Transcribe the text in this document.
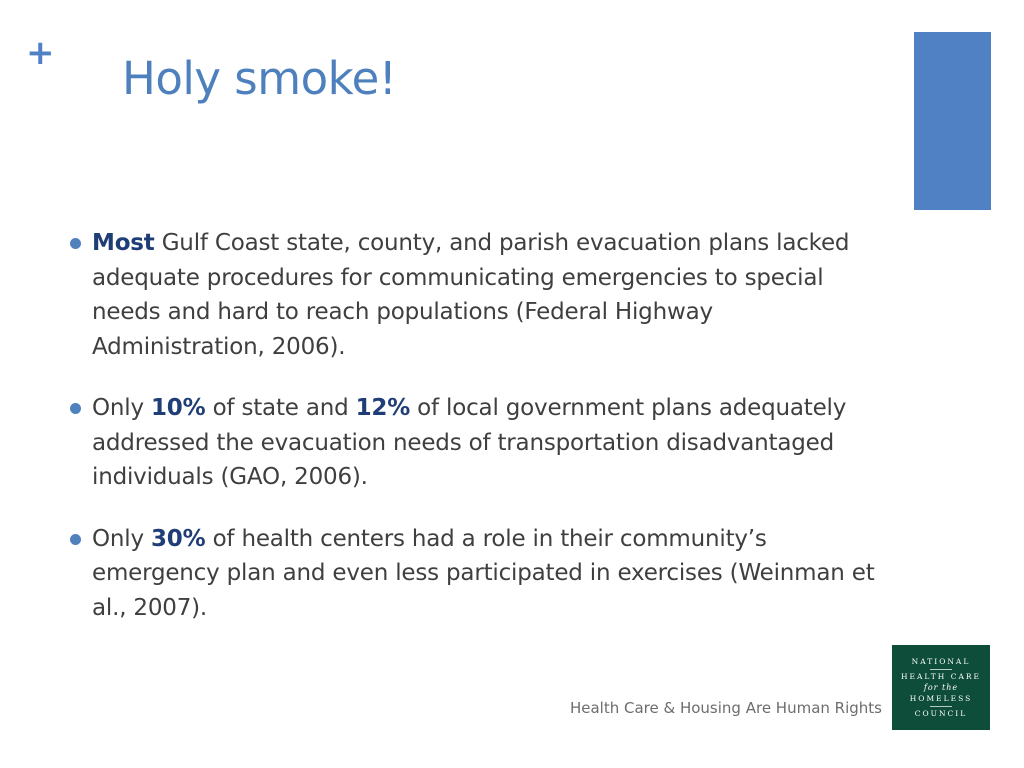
+ Holy smoke!
Most Gulf Coast state, county, and parish evacuation plans lacked adequate procedures for communicating emergencies to special needs and hard to reach populations (Federal Highway Administration, 2006).
Only 10% of state and 12% of local government plans adequately addressed the evacuation needs of transportation disadvantaged individuals (GAO, 2006).
Only 30% of health centers had a role in their community’s emergency plan and even less participated in exercises (Weinman et al., 2007).
Health Care & Housing Are Human Rights
NATIONAL
HEALTH CARE
for the
HOMELESS
COUNCIL
